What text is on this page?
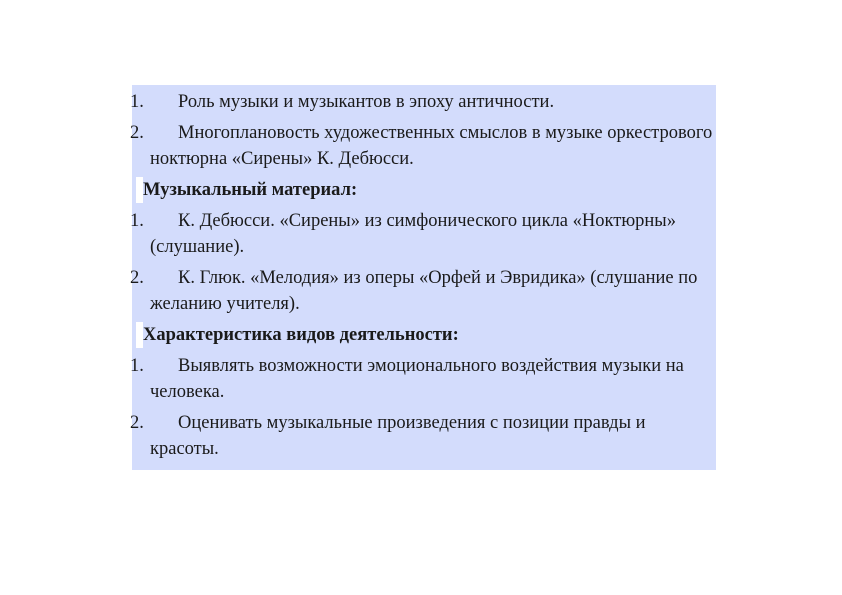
1.	Роль музыки и музыкантов в эпоху античности.
2.	Многоплановость художественных смыслов в музыке оркестрового ноктюрна «Сирены» К. Дебюсси.
Музыкальный материал:
1.	К. Дебюсси. «Сирены» из симфонического цикла «Ноктюрны» (слушание).
2.	К. Глюк. «Мелодия» из оперы «Орфей и Эвридика» (слушание по желанию учителя).
Характеристика видов деятельности:
1.	Выявлять возможности эмоционального воздействия музыки на человека.
2.	Оценивать музыкальные произведения с позиции правды и красоты.
